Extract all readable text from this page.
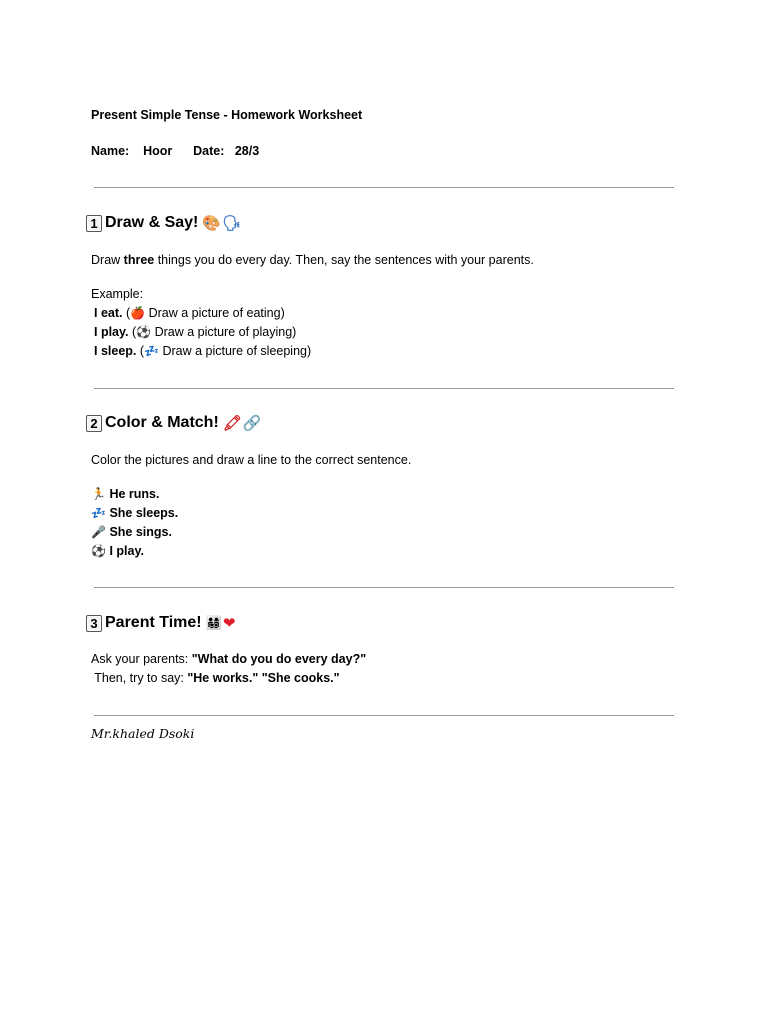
Present Simple Tense - Homework Worksheet
Name: Hoor Date: 28/3
1 Draw & Say! 🎨 🗣
Draw three things you do every day. Then, say the sentences with your parents.
Example:
I eat. (🍎 Draw a picture of eating)
I play. (⚽ Draw a picture of playing)
I sleep. (💤 Draw a picture of sleeping)
2 Color & Match! 🖍 🔗
Color the pictures and draw a line to the correct sentence.
🏃 He runs.
💤 She sleeps.
🎤 She sings.
⚽ I play.
3 Parent Time! 👨‍👩‍👧‍👦 ❤
Ask your parents: "What do you do every day?"
Then, try to say: "He works." "She cooks."
Mr.khaled Dsoki
